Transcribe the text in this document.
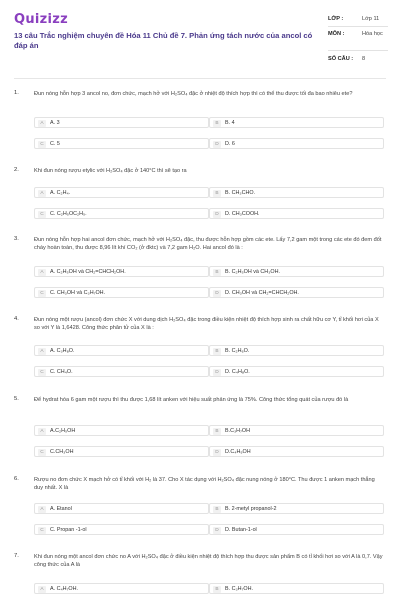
Quizizz
13 câu Trắc nghiệm chuyên đề Hóa 11 Chủ đề 7. Phản ứng tách nước của ancol có đáp án
LỚP :	Lớp 11
MÔN :	Hóa học
SỐ CÂU : 8
1.	Đun nóng hỗn hợp 3 ancol no, đơn chức, mạch hở với H₂SO₄ đặc ở nhiệt độ thích hợp thì có thể thu được tối đa bao nhiêu ete?
A	A. 3	B	B. 4
C	C. 5	D	D. 6
2.	Khi đun nóng rượu etylic với H₂SO₄ đặc ở 140°C thì sẽ tạo ra
A	A. C₂H₄.	B	B. CH₃CHO.
C	C. C₂H₅OC₂H₅.	D	D. CH₃COOH.
3.	Đun nóng hỗn hợp hai ancol đơn chức, mạch hở với H₂SO₄ đặc, thu được hỗn hợp gồm các ete. Lấy 7,2 gam một trong các ete đó đem đốt cháy hoàn toàn, thu được 8,96 lít khí CO₂ (ở đktc) và 7,2 gam H₂O. Hai ancol đó là :
A	A. C₂H₅OH và CH₂=CHCH₂OH.	B	B. C₂H₅OH và CH₃OH.
C	C. CH₃OH và C₃H₇OH.	D	D. CH₃OH và CH₂=CHCH₂OH.
4.	Đun nóng một rượu (ancol) đơn chức X với dung dịch H₂SO₄ đặc trong điều kiện nhiệt độ thích hợp sinh ra chất hữu cơ Y, tỉ khối hơi của X so với Y là 1,6428. Công thức phân tử của X là :
A	A. C₃H₈O.	B	B. C₂H₆O.
C	C. CH₄O.	D	D. C₄H₈O.
5.	Để hydrat hóa 6 gam một rượu thì thu được 1,68 lít anken với hiệu suất phản ứng là 75%. Công thức tổng quát của rượu đó là
A	A.C₂H₅OH	B	B.C₃H₇OH
C	C.CH₃OH	D	D.C₄H₉OH
6.	Rượu no đơn chức X mạch hở có tỉ khối với H₂ là 37. Cho X tác dụng với H₂SO₄ đặc nung nóng ở 180°C. Thu được 1 anken mạch thẳng duy nhất. X là
A	A. Etanol	B	B. 2-metyl propanol-2
C	C. Propan -1-ol	D	D. Butan-1-ol
7.	Khi đun nóng một ancol đơn chức no A với H₂SO₄ đặc ở điều kiện nhiệt độ thích hợp thu được sản phẩm B có tỉ khối hơi so với A là 0,7. Vậy công thức của A là
A	A. C₄H₇OH.	B	B. C₃H₇OH.
